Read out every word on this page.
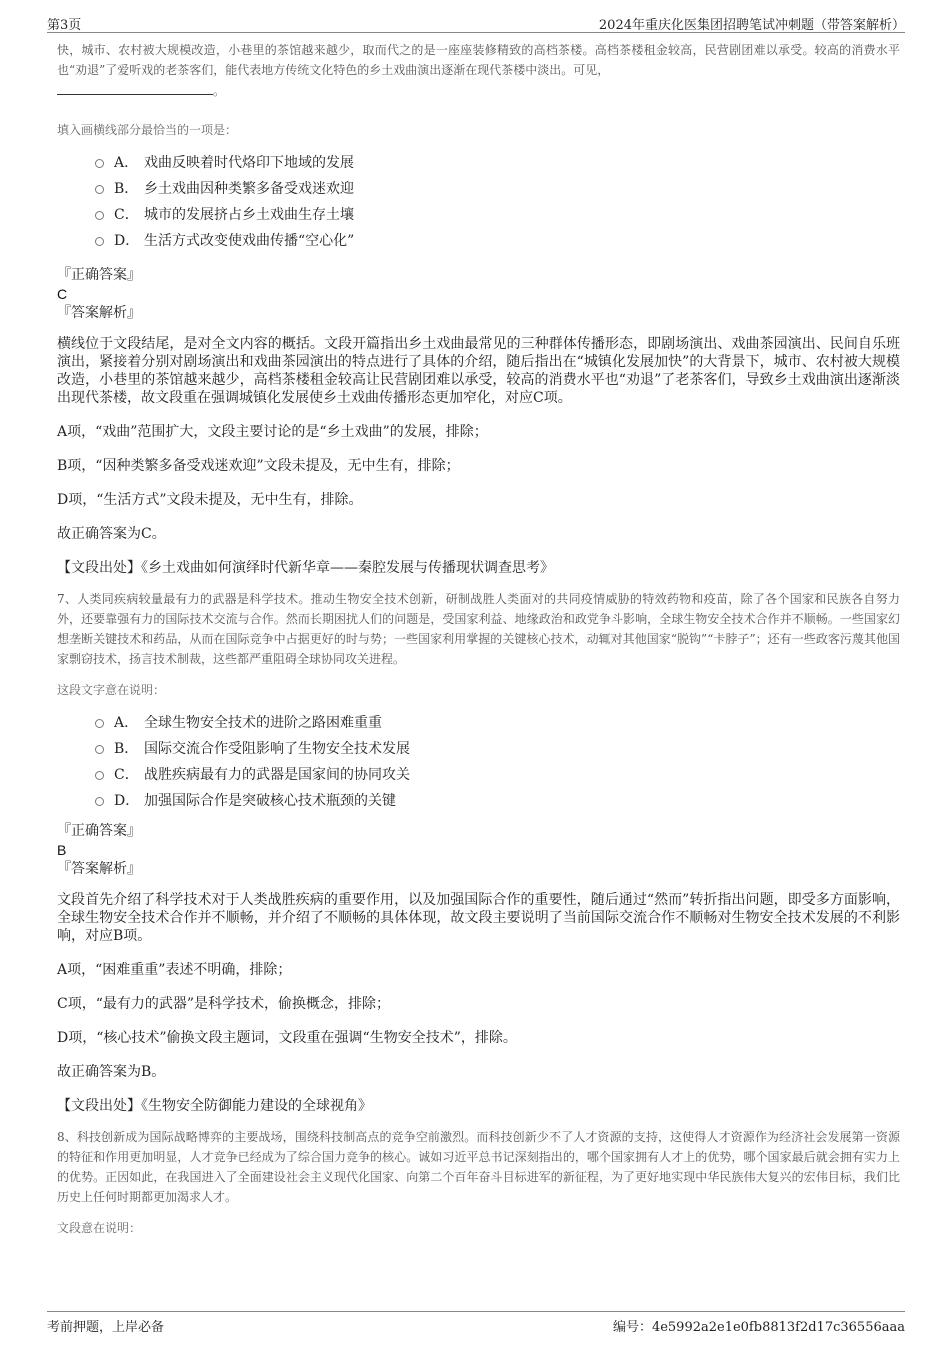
第3页	2024年重庆化医集团招聘笔试冲刺题（带答案解析）

快，城市、农村被大规模改造，小巷里的茶馆越来越少，取而代之的是一座座装修精致的高档茶楼。高档茶楼租金较高，民营剧团难以承受。较高的消费水平也“劝退”了爱听戏的老茶客们，能代表地方传统文化特色的乡土戏曲演出逐渐在现代茶楼中淡出。可见，
。

填入画横线部分最恰当的一项是：

A． 戏曲反映着时代烙印下地域的发展
B． 乡土戏曲因种类繁多备受戏迷欢迎
C． 城市的发展挤占乡土戏曲生存土壤
D． 生活方式改变使戏曲传播“空心化”

『正确答案』

C

『答案解析』

横线位于文段结尾，是对全文内容的概括。文段开篇指出乡土戏曲最常见的三种群体传播形态，即剧场演出、戏曲茶园演出、民间自乐班演出，紧接着分别对剧场演出和戏曲茶园演出的特点进行了具体的介绍，随后指出在“城镇化发展加快”的大背景下，城市、农村被大规模改造，小巷里的茶馆越来越少，高档茶楼租金较高让民营剧团难以承受，较高的消费水平也“劝退”了老茶客们，导致乡土戏曲演出逐渐淡出现代茶楼，故文段重在强调城镇化发展使乡土戏曲传播形态更加窄化，对应C项。

A项，“戏曲”范围扩大，文段主要讨论的是“乡土戏曲”的发展，排除；

B项，“因种类繁多备受戏迷欢迎”文段未提及，无中生有，排除；

D项，“生活方式”文段未提及，无中生有，排除。

故正确答案为C。

【文段出处】《乡土戏曲如何演绎时代新华章——秦腔发展与传播现状调查思考》

7、人类同疾病较量最有力的武器是科学技术。推动生物安全技术创新，研制战胜人类面对的共同疫情威胁的特效药物和疫苗，除了各个国家和民族各自努力外，还要靠强有力的国际技术交流与合作。然而长期困扰人们的问题是，受国家利益、地缘政治和政党争斗影响，全球生物安全技术合作并不顺畅。一些国家幻想垄断关键技术和药品，从而在国际竞争中占据更好的时与势；一些国家利用掌握的关键核心技术，动辄对其他国家“脱钩”“卡脖子”；还有一些政客污蔑其他国家剽窃技术，扬言技术制裁，这些都严重阻碍全球协同攻关进程。

这段文字意在说明：

A． 全球生物安全技术的进阶之路困难重重
B． 国际交流合作受阻影响了生物安全技术发展
C． 战胜疾病最有力的武器是国家间的协同攻关
D． 加强国际合作是突破核心技术瓶颈的关键

『正确答案』

B

『答案解析』

文段首先介绍了科学技术对于人类战胜疾病的重要作用，以及加强国际合作的重要性，随后通过“然而”转折指出问题，即受多方面影响，全球生物安全技术合作并不顺畅，并介绍了不顺畅的具体体现，故文段主要说明了当前国际交流合作不顺畅对生物安全技术发展的不利影响，对应B项。

A项，“困难重重”表述不明确，排除；

C项，“最有力的武器”是科学技术，偷换概念，排除；

D项，“核心技术”偷换文段主题词，文段重在强调“生物安全技术”，排除。

故正确答案为B。

【文段出处】《生物安全防御能力建设的全球视角》

8、科技创新成为国际战略博弈的主要战场，围绕科技制高点的竞争空前激烈。而科技创新少不了人才资源的支持，这使得人才资源作为经济社会发展第一资源的特征和作用更加明显，人才竞争已经成为了综合国力竞争的核心。诚如习近平总书记深刻指出的，哪个国家拥有人才上的优势，哪个国家最后就会拥有实力上的优势。正因如此，在我国进入了全面建设社会主义现代化国家、向第二个百年奋斗目标进军的新征程，为了更好地实现中华民族伟大复兴的宏伟目标，我们比历史上任何时期都更加渴求人才。

文段意在说明：

考前押题，上岸必备	编号：4e5992a2e1e0fb8813f2d17c36556aaa
